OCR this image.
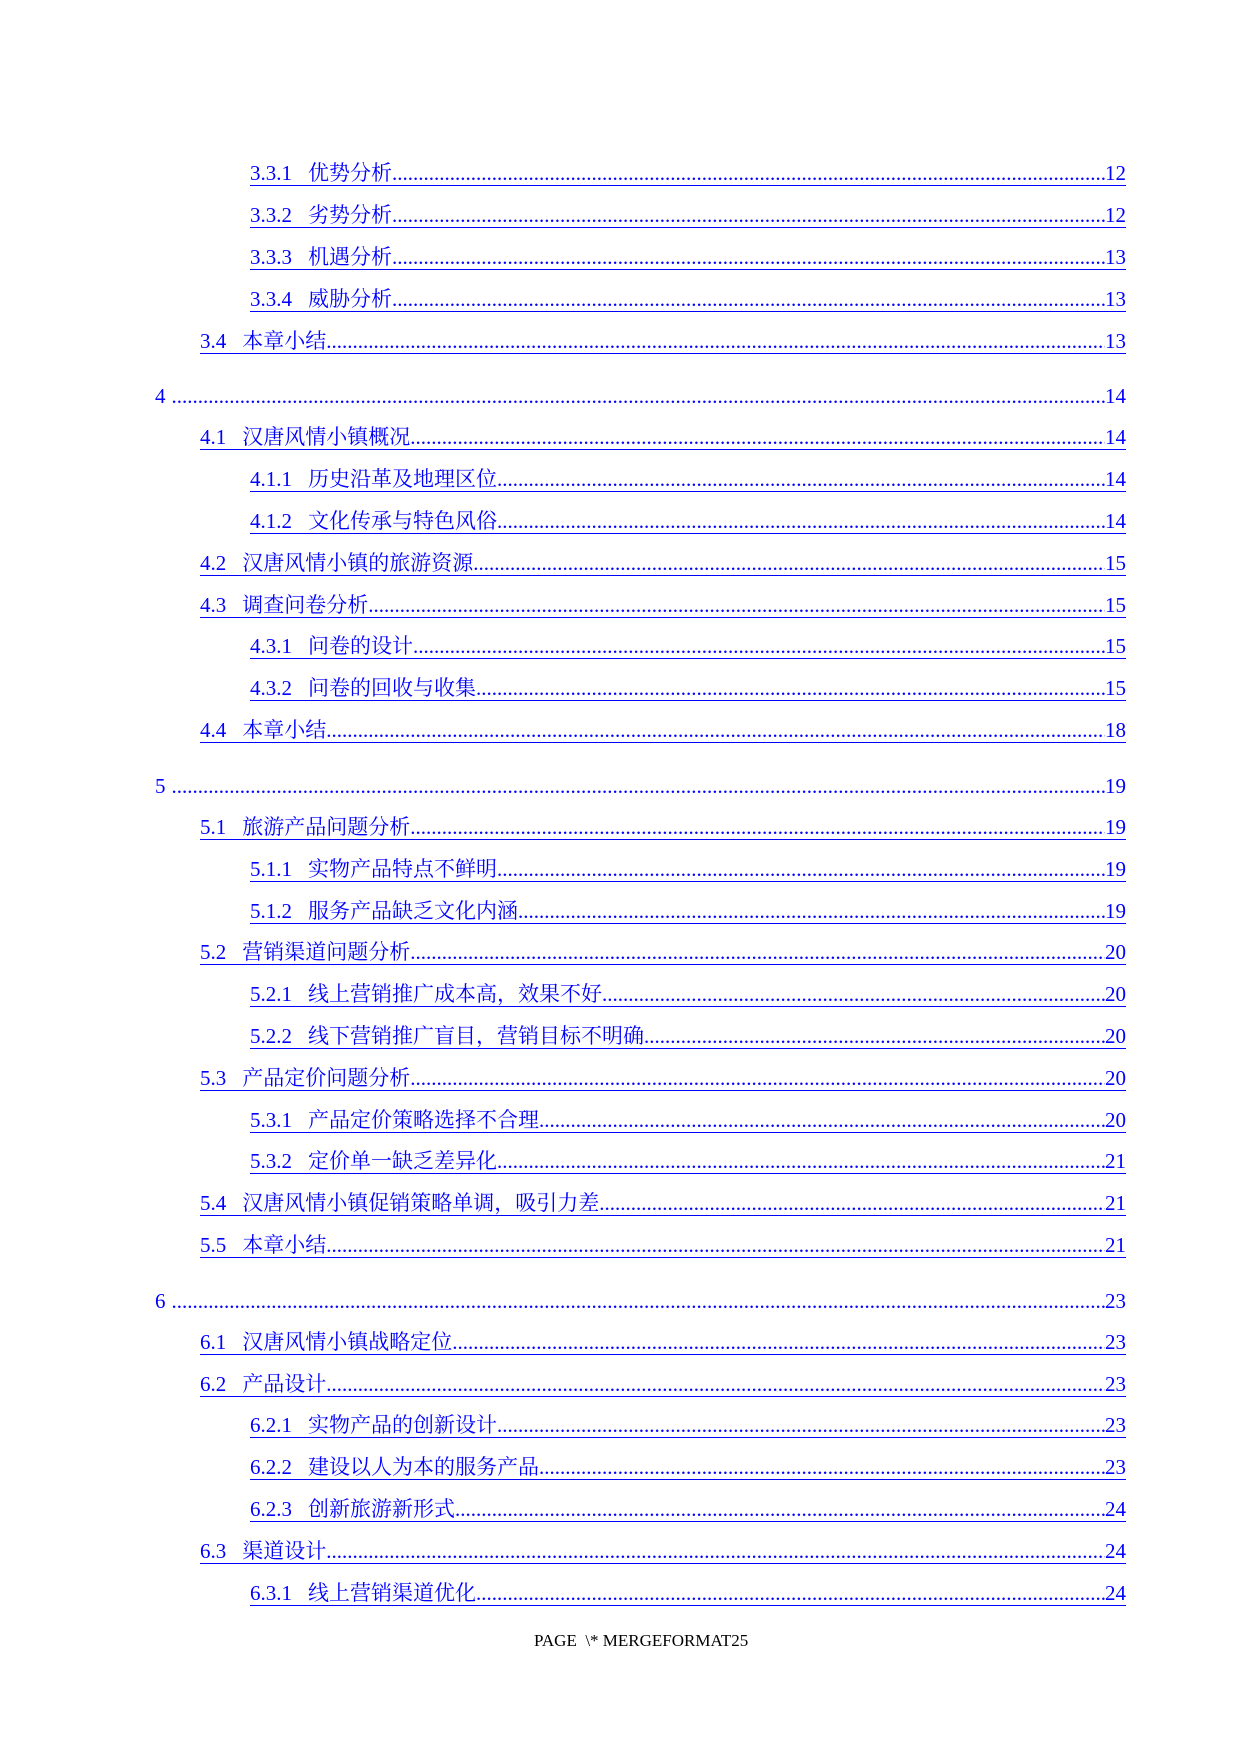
3.3.1 优势分析 .....	12
3.3.2 劣势分析 .....	12
3.3.3 机遇分析 .....	13
3.3.4 威胁分析 .....	13
3.4 本章小结 .....	13
4 .....	14
4.1 汉唐风情小镇概况 .....	14
4.1.1 历史沿革及地理区位 .....	14
4.1.2 文化传承与特色风俗 .....	14
4.2 汉唐风情小镇的旅游资源 .....	15
4.3 调查问卷分析 .....	15
4.3.1 问卷的设计 .....	15
4.3.2 问卷的回收与收集 .....	15
4.4 本章小结 .....	18
5 .....	19
5.1 旅游产品问题分析 .....	19
5.1.1 实物产品特点不鲜明 .....	19
5.1.2 服务产品缺乏文化内涵 .....	19
5.2 营销渠道问题分析 .....	20
5.2.1 线上营销推广成本高，效果不好 .....	20
5.2.2 线下营销推广盲目，营销目标不明确 .....	20
5.3 产品定价问题分析 .....	20
5.3.1 产品定价策略选择不合理 .....	20
5.3.2 定价单一缺乏差异化 .....	21
5.4 汉唐风情小镇促销策略单调，吸引力差 .....	21
5.5 本章小结 .....	21
6 .....	23
6.1 汉唐风情小镇战略定位 .....	23
6.2 产品设计 .....	23
6.2.1 实物产品的创新设计 .....	23
6.2.2 建设以人为本的服务产品 .....	23
6.2.3 创新旅游新形式 .....	24
6.3 渠道设计 .....	24
6.3.1 线上营销渠道优化 .....	24
PAGE  \* MERGEFORMAT25
